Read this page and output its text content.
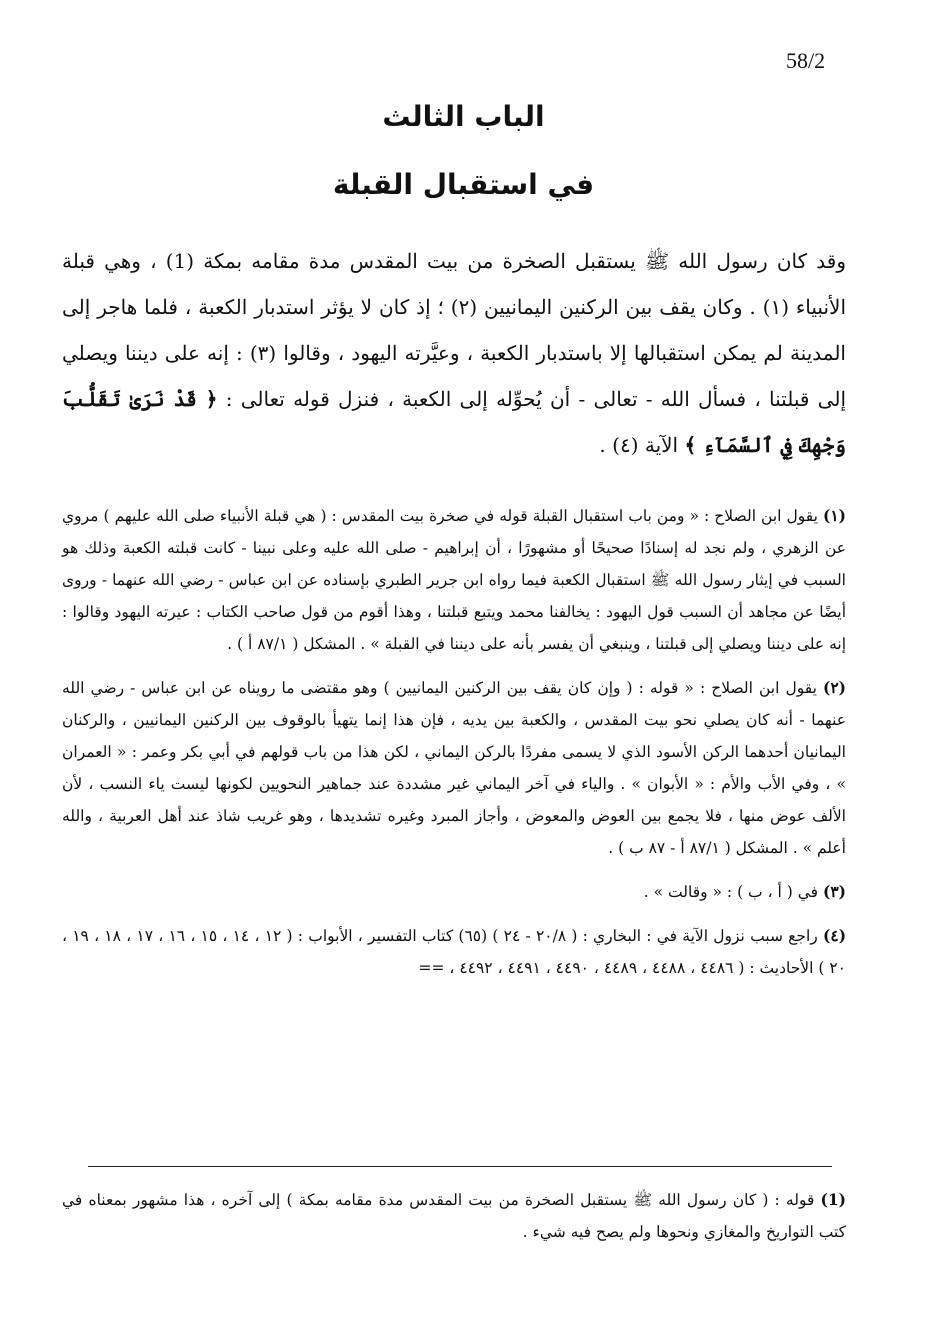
58/2
الباب الثالث
في استقبال القبلة

وقد كان رسول الله ﷺ يستقبل الصخرة من بيت المقدس مدة مقامه بمكة (1) ، وهي قبلة الأنبياء (١) . وكان يقف بين الركنين اليمانيين (٢) ؛ إذ كان لا يؤثر استدبار الكعبة ، فلما هاجر إلى المدينة لم يمكن استقبالها إلا باستدبار الكعبة ، وعيَّرته اليهود ، وقالوا (٣) : إنه على ديننا ويصلي إلى قبلتنا ، فسأل الله - تعالى - أن يُحوِّله إلى الكعبة ، فنزل قوله تعالى : ﴿ قَدْ نَرَىٰ تَقَلُّبَ وَجْهِكَ فِي ٱلسَّمَآءِ ﴾ الآية (٤) .

(١) يقول ابن الصلاح : « ومن باب استقبال القبلة قوله في صخرة بيت المقدس : ( هي قبلة الأنبياء صلى الله عليهم ) مروي عن الزهري ، ولم نجد له إسنادًا صحيحًا أو مشهورًا ، أن إبراهيم - صلى الله عليه وعلى نبينا - كانت قبلته الكعبة وذلك هو السبب في إيثار رسول الله ﷺ استقبال الكعبة فيما رواه ابن جرير الطبري بإسناده عن ابن عباس - رضي الله عنهما - وروى أيضًا عن مجاهد أن السبب قول اليهود : يخالفنا محمد ويتبع قبلتنا ، وهذا أقوم من قول صاحب الكتاب : عيرته اليهود وقالوا : إنه على ديننا ويصلي إلى قبلتنا ، وينبغي أن يفسر بأنه على ديننا في القبلة » . المشكل ( ٨٧/١ أ ) .

(٢) يقول ابن الصلاح : « قوله : ( وإن كان يقف بين الركنين اليمانيين ) وهو مقتضى ما رويناه عن ابن عباس - رضي الله عنهما - أنه كان يصلي نحو بيت المقدس ، والكعبة بين يديه ، فإن هذا إنما يتهيأ بالوقوف بين الركنين اليمانيين ، والركنان اليمانيان أحدهما الركن الأسود الذي لا يسمى مفردًا بالركن اليماني ، لكن هذا من باب قولهم في أبي بكر وعمر : « العمران » ، وفي الأب والأم : « الأبوان » . والياء في آخر اليماني غير مشددة عند جماهير النحويين لكونها ليست ياء النسب ، لأن الألف عوض منها ، فلا يجمع بين العوض والمعوض ، وأجاز المبرد وغيره تشديدها ، وهو غريب شاذ عند أهل العربية ، والله أعلم » . المشكل ( ٨٧/١ أ - ٨٧ ب ) .

(٣) في ( أ ، ب ) : « وقالت » .

(٤) راجع سبب نزول الآية في : البخاري : ( ٢٠/٨ - ٢٤ ) (٦٥) كتاب التفسير ، الأبواب : ( ١٢ ، ١٤ ، ١٥ ، ١٦ ، ١٧ ، ١٨ ، ١٩ ، ٢٠ ) الأحاديث : ( ٤٤٨٦ ، ٤٤٨٨ ، ٤٤٨٩ ، ٤٤٩٠ ، ٤٤٩١ ، ٤٤٩٢ ، ==

(1) قوله : ( كان رسول الله ﷺ يستقبل الصخرة من بيت المقدس مدة مقامه بمكة ) إلى آخره ، هذا مشهور بمعناه في كتب التواريخ والمغازي ونحوها ولم يصح فيه شيء .
